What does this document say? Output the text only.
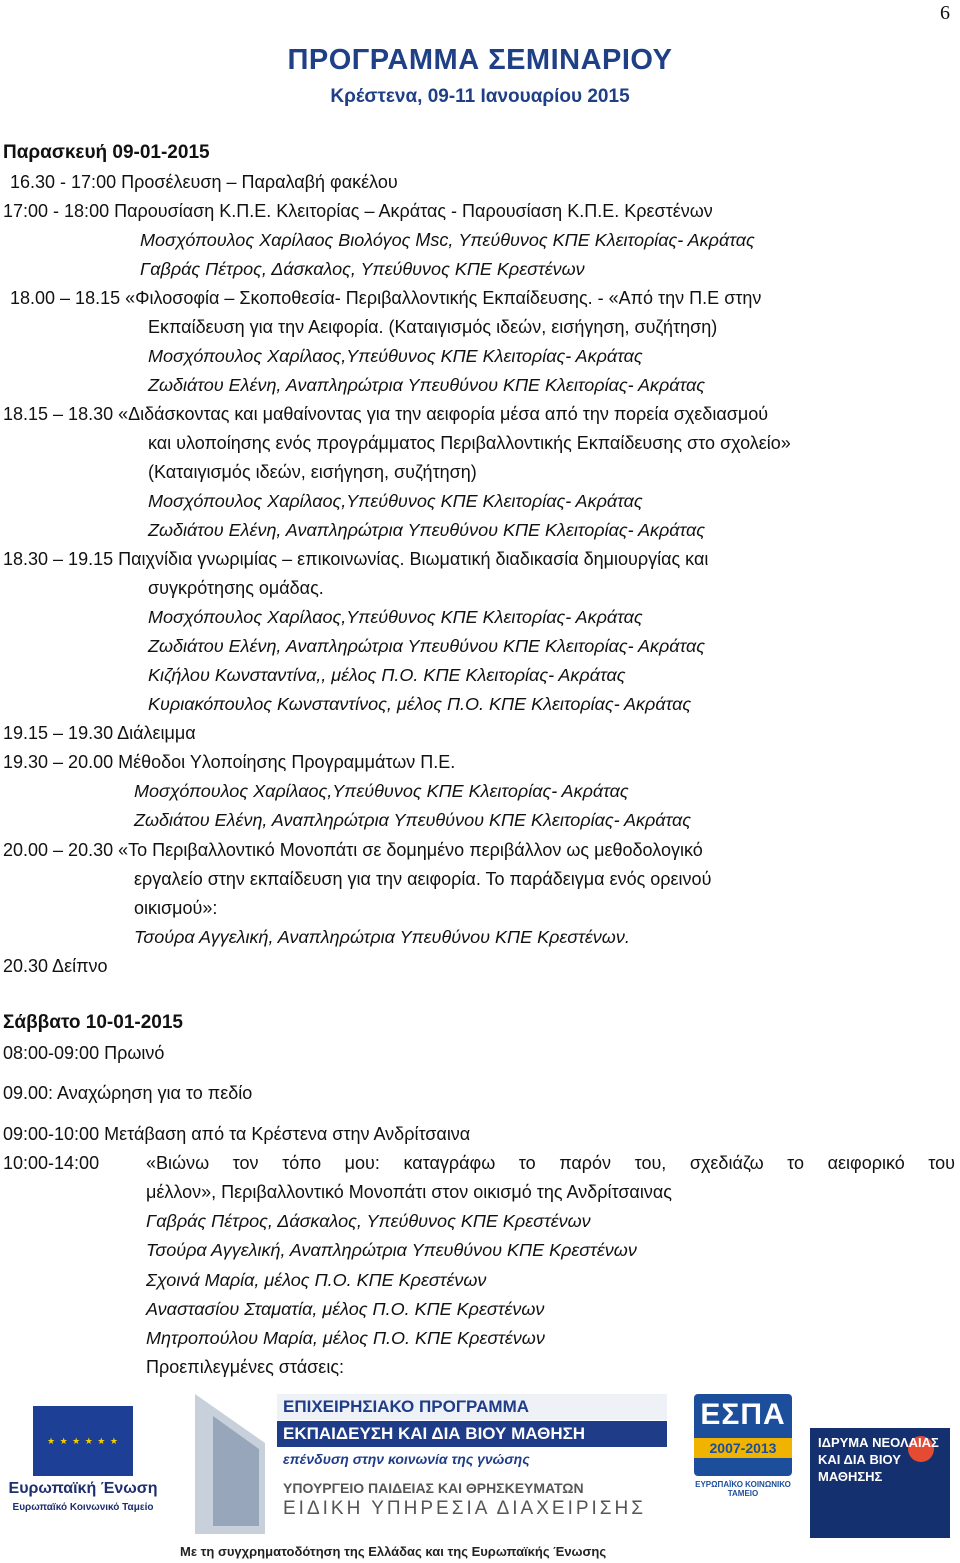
6
ΠΡΟΓΡΑΜΜΑ ΣΕΜΙΝΑΡΙΟΥ
Κρέστενα, 09-11 Ιανουαρίου 2015
Παρασκευή 09-01-2015
16.30 - 17:00 Προσέλευση – Παραλαβή φακέλου
17:00 - 18:00 Παρουσίαση Κ.Π.Ε. Κλειτορίας – Ακράτας - Παρουσίαση Κ.Π.Ε. Κρεστένων
Μοσχόπουλος Χαρίλαος Βιολόγος Msc, Υπεύθυνος ΚΠΕ Κλειτορίας- Ακράτας
Γαβράς Πέτρος, Δάσκαλος, Υπεύθυνος ΚΠΕ Κρεστένων
18.00 – 18.15 «Φιλοσοφία – Σκοποθεσία- Περιβαλλοντικής Εκπαίδευσης. - «Από την Π.Ε στην
Εκπαίδευση για την Αειφορία. (Καταιγισμός ιδεών, εισήγηση, συζήτηση)
Μοσχόπουλος Χαρίλαος,Υπεύθυνος ΚΠΕ Κλειτορίας- Ακράτας
Ζωδιάτου Ελένη, Αναπληρώτρια Υπευθύνου ΚΠΕ Κλειτορίας- Ακράτας
18.15 – 18.30 «Διδάσκοντας και μαθαίνοντας για την αειφορία μέσα από την πορεία σχεδιασμού
και υλοποίησης ενός προγράμματος Περιβαλλοντικής Εκπαίδευσης στο σχολείο»
(Καταιγισμός ιδεών, εισήγηση, συζήτηση)
Μοσχόπουλος Χαρίλαος,Υπεύθυνος ΚΠΕ Κλειτορίας- Ακράτας
Ζωδιάτου Ελένη, Αναπληρώτρια Υπευθύνου ΚΠΕ Κλειτορίας- Ακράτας
18.30 – 19.15 Παιχνίδια γνωριμίας – επικοινωνίας. Βιωματική διαδικασία δημιουργίας και
συγκρότησης ομάδας.
Μοσχόπουλος Χαρίλαος,Υπεύθυνος ΚΠΕ Κλειτορίας- Ακράτας
Ζωδιάτου Ελένη, Αναπληρώτρια Υπευθύνου ΚΠΕ Κλειτορίας- Ακράτας
Κιζήλου Κωνσταντίνα,, μέλος Π.Ο. ΚΠΕ Κλειτορίας- Ακράτας
Κυριακόπουλος Κωνσταντίνος, μέλος Π.Ο. ΚΠΕ Κλειτορίας- Ακράτας
19.15 – 19.30 Διάλειμμα
19.30 – 20.00 Μέθοδοι Υλοποίησης Προγραμμάτων Π.Ε.
Μοσχόπουλος Χαρίλαος,Υπεύθυνος ΚΠΕ Κλειτορίας- Ακράτας
Ζωδιάτου Ελένη, Αναπληρώτρια Υπευθύνου ΚΠΕ Κλειτορίας- Ακράτας
20.00 – 20.30 «Το Περιβαλλοντικό Μονοπάτι σε δομημένο περιβάλλον ως μεθοδολογικό
εργαλείο στην εκπαίδευση για την αειφορία. Το παράδειγμα ενός ορεινού
οικισμού»:
Τσούρα Αγγελική, Αναπληρώτρια Υπευθύνου ΚΠΕ Κρεστένων.
20.30 Δείπνο
Σάββατο 10-01-2015
08:00-09:00 Πρωινό
09.00: Αναχώρηση για το πεδίο
09:00-10:00 Μετάβαση από τα Κρέστενα στην Ανδρίτσαινα
10:00-14:00	«Βιώνω τον τόπο μου: καταγράφω το παρόν του, σχεδιάζω το αειφορικό του
μέλλον», Περιβαλλοντικό Μονοπάτι στον οικισμό της Ανδρίτσαινας
Γαβράς Πέτρος, Δάσκαλος, Υπεύθυνος ΚΠΕ Κρεστένων
Τσούρα Αγγελική, Αναπληρώτρια Υπευθύνου ΚΠΕ Κρεστένων
Σχοινά Μαρία, μέλος Π.Ο. ΚΠΕ Κρεστένων
Αναστασίου Σταματία, μέλος Π.Ο. ΚΠΕ Κρεστένων
Μητροπούλου Μαρία, μέλος Π.Ο. ΚΠΕ Κρεστένων
Προεπιλεγμένες στάσεις:
★ ★ ★ ★ ★ ★
Ευρωπαϊκή Ένωση
Ευρωπαϊκό Κοινωνικό Ταμείο
ΕΠΙΧΕΙΡΗΣΙΑΚΟ ΠΡΟΓΡΑΜΜΑ
ΕΚΠΑΙΔΕΥΣΗ ΚΑΙ ΔΙΑ ΒΙΟΥ ΜΑΘΗΣΗ
επένδυση στην κοινωνία της γνώσης
ΥΠΟΥΡΓΕΙΟ ΠΑΙΔΕΙΑΣ ΚΑΙ ΘΡΗΣΚΕΥΜΑΤΩΝ
ΕΙΔΙΚΗ ΥΠΗΡΕΣΙΑ ΔΙΑΧΕΙΡΙΣΗΣ
ΕΣΠΑ
2007-2013
ΕΥΡΩΠΑΪΚΟ ΚΟΙΝΩΝΙΚΟ ΤΑΜΕΙΟ
ΙΔΡΥΜΑ ΝΕΟΛΑΙΑΣ ΚΑΙ ΔΙΑ ΒΙΟΥ ΜΑΘΗΣΗΣ
Με τη συγχρηματοδότηση της Ελλάδας και της Ευρωπαϊκής Ένωσης
